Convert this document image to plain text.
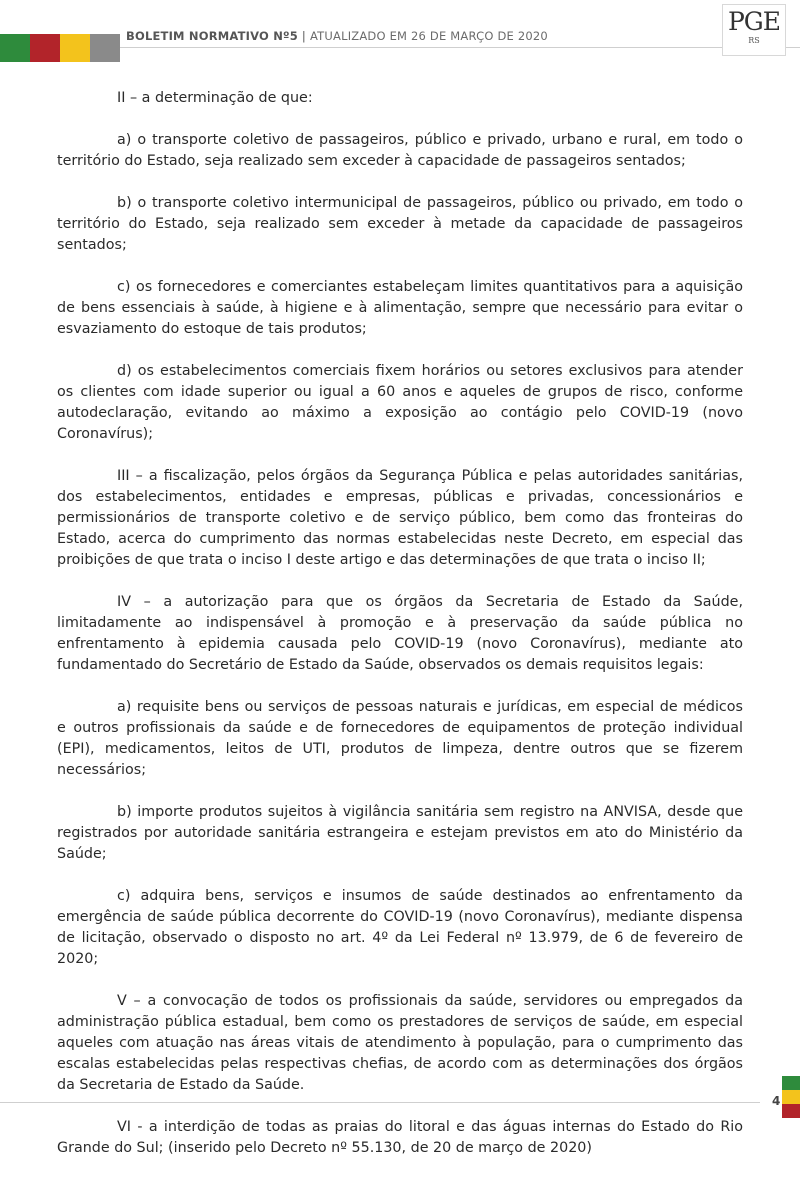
BOLETIM NORMATIVO Nº5 | ATUALIZADO EM 26 DE MARÇO DE 2020	PGE
RS

II – a determinação de que:

a) o transporte coletivo de passageiros, público e privado, urbano e rural, em todo o território do Estado, seja realizado sem exceder à capacidade de passageiros sentados;

b) o transporte coletivo intermunicipal de passageiros, público ou privado, em todo o território do Estado, seja realizado sem exceder à metade da capacidade de passageiros sentados;

c) os fornecedores e comerciantes estabeleçam limites quantitativos para a aquisição de bens essenciais à saúde, à higiene e à alimentação, sempre que necessário para evitar o esvaziamento do estoque de tais produtos;

d) os estabelecimentos comerciais fixem horários ou setores exclusivos para atender os clientes com idade superior ou igual a 60 anos e aqueles de grupos de risco, conforme autodeclaração, evitando ao máximo a exposição ao contágio pelo COVID-19 (novo Coronavírus);

III – a fiscalização, pelos órgãos da Segurança Pública e pelas autoridades sanitárias, dos estabelecimentos, entidades e empresas, públicas e privadas, concessionários e permissionários de transporte coletivo e de serviço público, bem como das fronteiras do Estado, acerca do cumprimento das normas estabelecidas neste Decreto, em especial das proibições de que trata o inciso I deste artigo e das determinações de que trata o inciso II;

IV – a autorização para que os órgãos da Secretaria de Estado da Saúde, limitadamente ao indispensável à promoção e à preservação da saúde pública no enfrentamento à epidemia causada pelo COVID-19 (novo Coronavírus), mediante ato fundamentado do Secretário de Estado da Saúde, observados os demais requisitos legais:

a) requisite bens ou serviços de pessoas naturais e jurídicas, em especial de médicos e outros profissionais da saúde e de fornecedores de equipamentos de proteção individual (EPI), medicamentos, leitos de UTI, produtos de limpeza, dentre outros que se fizerem necessários;

b) importe produtos sujeitos à vigilância sanitária sem registro na ANVISA, desde que registrados por autoridade sanitária estrangeira e estejam previstos em ato do Ministério da Saúde;

c) adquira bens, serviços e insumos de saúde destinados ao enfrentamento da emergência de saúde pública decorrente do COVID-19 (novo Coronavírus), mediante dispensa de licitação, observado o disposto no art. 4º da Lei Federal nº 13.979, de 6 de fevereiro de 2020;

V – a convocação de todos os profissionais da saúde, servidores ou empregados da administração pública estadual, bem como os prestadores de serviços de saúde, em especial aqueles com atuação nas áreas vitais de atendimento à população, para o cumprimento das escalas estabelecidas pelas respectivas chefias, de acordo com as determinações dos órgãos da Secretaria de Estado da Saúde.

VI - a interdição de todas as praias do litoral e das águas internas do Estado do Rio Grande do Sul; (inserido pelo Decreto nº 55.130, de 20 de março de 2020)

4
